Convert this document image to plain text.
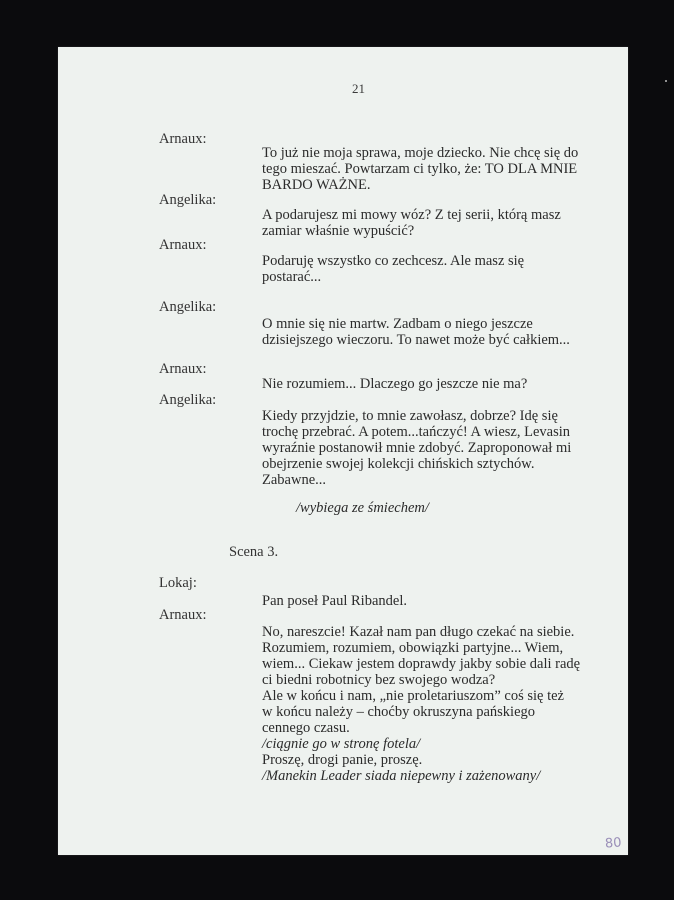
21
Arnaux:
To już nie moja sprawa, moje dziecko. Nie chcę się do
tego mieszać. Powtarzam ci tylko, że: TO DLA MNIE
BARDO WAŻNE.
Angelika:
A podarujesz mi mowy wóz? Z tej serii, którą masz
zamiar właśnie wypuścić?
Arnaux:
Podaruję wszystko co zechcesz. Ale masz się
postarać...
Angelika:
O mnie się nie martw. Zadbam o niego jeszcze
dzisiejszego wieczoru. To nawet może być całkiem...
Arnaux:
Nie rozumiem... Dlaczego go jeszcze nie ma?
Angelika:
Kiedy przyjdzie, to mnie zawołasz, dobrze? Idę się
trochę przebrać. A potem...tańczyć! A wiesz, Levasin
wyraźnie postanowił mnie zdobyć. Zaproponował mi
obejrzenie swojej kolekcji chińskich sztychów.
Zabawne...
/wybiega ze śmiechem/
Scena 3.
Lokaj:
Pan poseł Paul Ribandel.
Arnaux:
No, nareszcie! Kazał nam pan długo czekać na siebie.
Rozumiem, rozumiem, obowiązki partyjne... Wiem,
wiem... Ciekaw jestem doprawdy jakby sobie dali radę
ci biedni robotnicy bez swojego wodza?
Ale w końcu i nam, „nie proletariuszom” coś się też
w końcu należy – choćby okruszyna pańskiego
cennego czasu.
/ciągnie go w stronę fotela/
Proszę, drogi panie, proszę.
/Manekin Leader siada niepewny i zażenowany/
80
